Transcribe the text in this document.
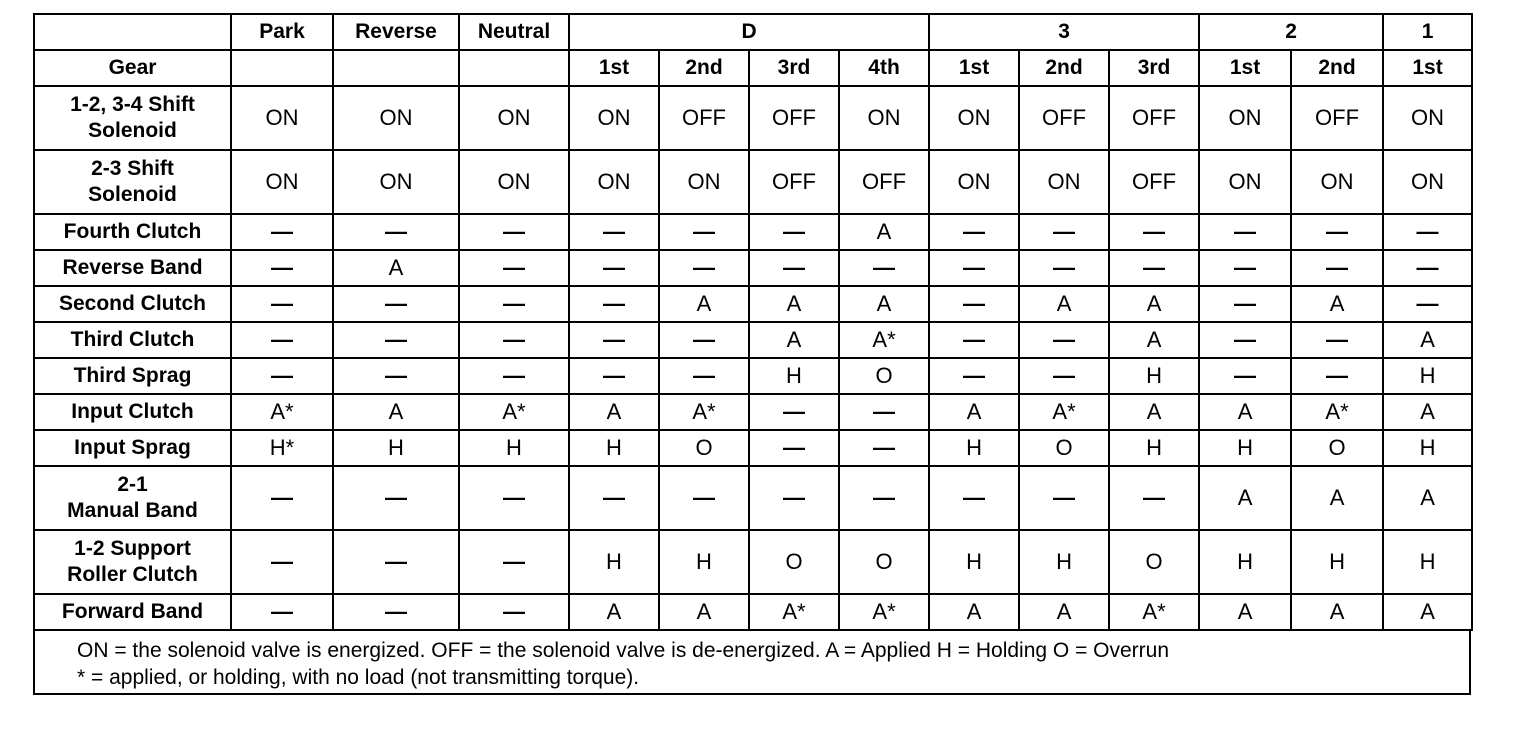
	Park	Reverse	Neutral	D				3			2		1
Gear				1st	2nd	3rd	4th	1st	2nd	3rd	1st	2nd	1st
1-2, 3-4 Shift
Solenoid	ON	ON	ON	ON	OFF	OFF	ON	ON	OFF	OFF	ON	OFF	ON
2-3 Shift
Solenoid	ON	ON	ON	ON	ON	OFF	OFF	ON	ON	OFF	ON	ON	ON
Fourth Clutch	—	—	—	—	—	—	A	—	—	—	—	—	—
Reverse Band	—	A	—	—	—	—	—	—	—	—	—	—	—
Second Clutch	—	—	—	—	A	A	A	—	A	A	—	A	—
Third Clutch	—	—	—	—	—	A	A*	—	—	A	—	—	A
Third Sprag	—	—	—	—	—	H	O	—	—	H	—	—	H
Input Clutch	A*	A	A*	A	A*	—	—	A	A*	A	A	A*	A
Input Sprag	H*	H	H	H	O	—	—	H	O	H	H	O	H
2-1
Manual Band	—	—	—	—	—	—	—	—	—	—	A	A	A
1-2 Support
Roller Clutch	—	—	—	H	H	O	O	H	H	O	H	H	H
Forward Band	—	—	—	A	A	A*	A*	A	A	A*	A	A	A
ON = the solenoid valve is energized. OFF = the solenoid valve is de-energized. A = Applied H = Holding O = Overrun
* = applied, or holding, with no load (not transmitting torque).
